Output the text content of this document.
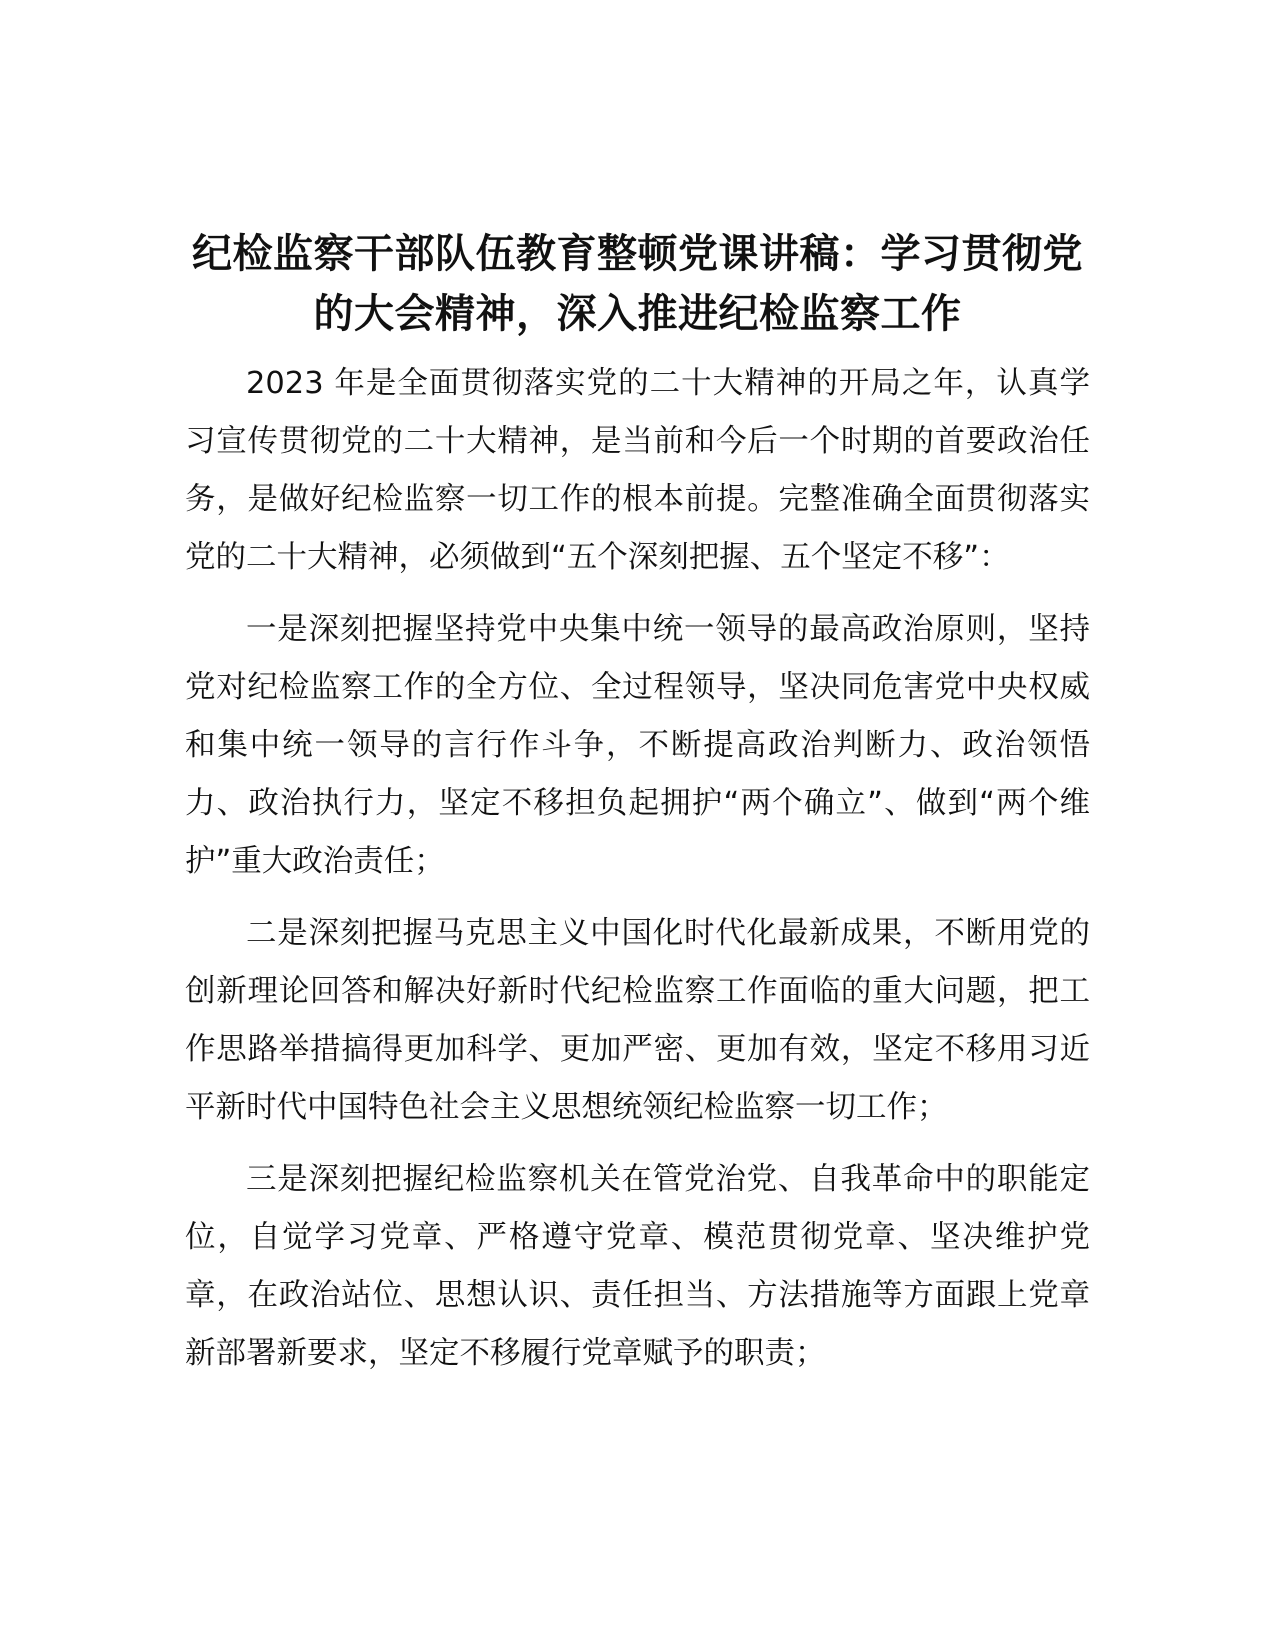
纪检监察干部队伍教育整顿党课讲稿：学习贯彻党的大会精神，深入推进纪检监察工作

2023 年是全面贯彻落实党的二十大精神的开局之年，认真学习宣传贯彻党的二十大精神，是当前和今后一个时期的首要政治任务，是做好纪检监察一切工作的根本前提。完整准确全面贯彻落实党的二十大精神，必须做到“五个深刻把握、五个坚定不移”：

一是深刻把握坚持党中央集中统一领导的最高政治原则，坚持党对纪检监察工作的全方位、全过程领导，坚决同危害党中央权威和集中统一领导的言行作斗争，不断提高政治判断力、政治领悟力、政治执行力，坚定不移担负起拥护“两个确立”、做到“两个维护”重大政治责任；

二是深刻把握马克思主义中国化时代化最新成果，不断用党的创新理论回答和解决好新时代纪检监察工作面临的重大问题，把工作思路举措搞得更加科学、更加严密、更加有效，坚定不移用习近平新时代中国特色社会主义思想统领纪检监察一切工作；

三是深刻把握纪检监察机关在管党治党、自我革命中的职能定位，自觉学习党章、严格遵守党章、模范贯彻党章、坚决维护党章，在政治站位、思想认识、责任担当、方法措施等方面跟上党章新部署新要求，坚定不移履行党章赋予的职责；
